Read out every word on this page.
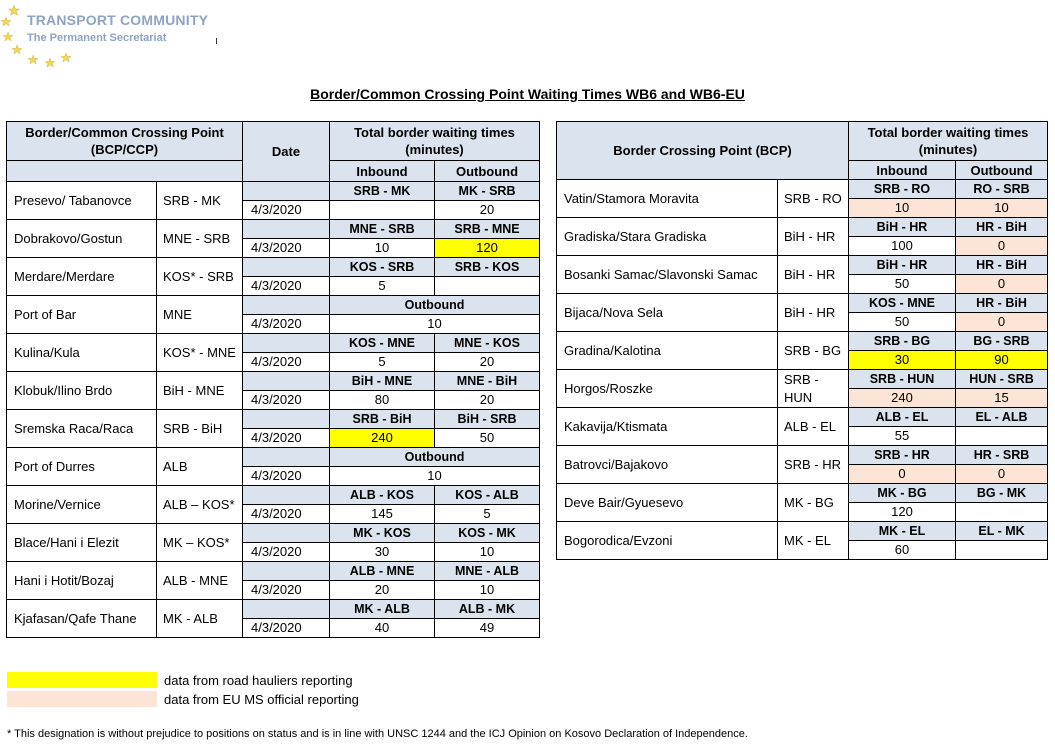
TRANSPORT COMMUNITY
The Permanent Secretariat
Border/Common Crossing Point Waiting Times WB6 and WB6-EU
Border/Common Crossing Point (BCP/CCP)		Date	Total border waiting times (minutes)	

			Inbound	Outbound
Presevo/ Tabanovce	SRB - MK		SRB - MK	MK - SRB
		4/3/2020		20
Dobrakovo/Gostun	MNE - SRB		MNE - SRB	SRB - MNE
		4/3/2020	10	120
Merdare/Merdare	KOS* - SRB		KOS - SRB	SRB - KOS
		4/3/2020	5	
Port of Bar	MNE		Outbound	
		4/3/2020	10	
Kulina/Kula	KOS* - MNE		KOS - MNE	MNE - KOS
		4/3/2020	5	20
Klobuk/Ilino Brdo	BiH - MNE		BiH - MNE	MNE - BiH
		4/3/2020	80	20
Sremska Raca/Raca	SRB - BiH		SRB - BiH	BiH - SRB
		4/3/2020	240	50
Port of Durres	ALB		Outbound	
		4/3/2020	10	
Morine/Vernice	ALB – KOS*		ALB - KOS	KOS - ALB
		4/3/2020	145	5
Blace/Hani i Elezit	MK – KOS*		MK - KOS	KOS - MK
		4/3/2020	30	10
Hani i Hotit/Bozaj	ALB - MNE		ALB - MNE	MNE - ALB
		4/3/2020	20	10
Kjafasan/Qafe Thane	MK - ALB		MK - ALB	ALB - MK
		4/3/2020	40	49
Border Crossing Point (BCP)		Total border waiting times (minutes)	
		Inbound	Outbound
Vatin/Stamora Moravita	SRB - RO	SRB - RO	RO - SRB
		10	10
Gradiska/Stara Gradiska	BiH - HR	BiH - HR	HR - BiH
		100	0
Bosanki Samac/Slavonski Samac	BiH - HR	BiH - HR	HR - BiH
		50	0
Bijaca/Nova Sela	BiH - HR	KOS - MNE	HR - BiH
		50	0
Gradina/Kalotina	SRB - BG	SRB - BG	BG - SRB
		30	90
Horgos/Roszke	SRB - HUN	SRB - HUN	HUN - SRB
		240	15
Kakavija/Ktismata	ALB - EL	ALB - EL	EL - ALB
		55	
Batrovci/Bajakovo	SRB - HR	SRB - HR	HR - SRB
		0	0
Deve Bair/Gyuesevo	MK - BG	MK - BG	BG - MK
		120	
Bogorodica/Evzoni	MK - EL	MK - EL	EL - MK
		60	
data from road hauliers reporting
data from EU MS official reporting
* This designation is without prejudice to positions on status and is in line with UNSC 1244 and the ICJ Opinion on Kosovo Declaration of Independence.
